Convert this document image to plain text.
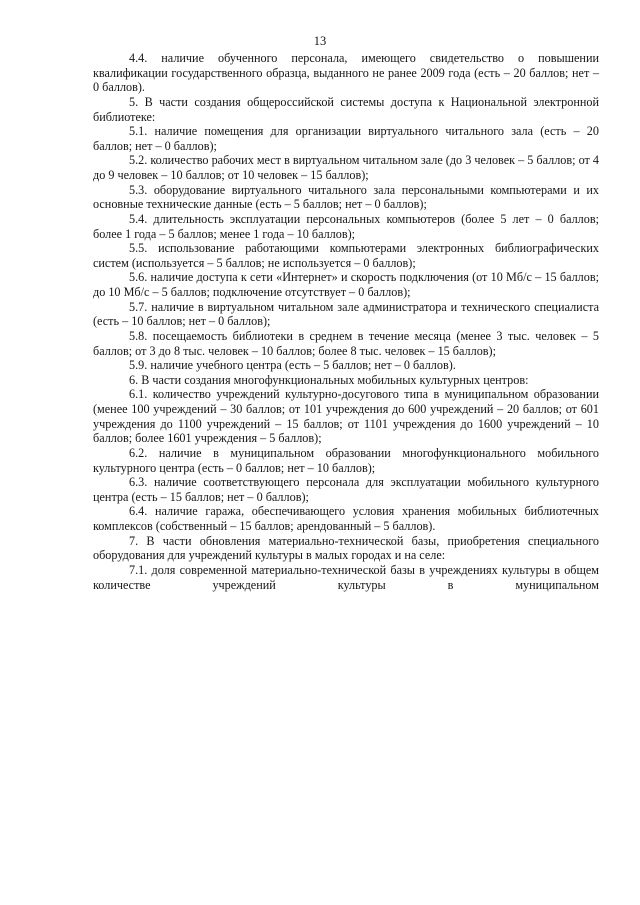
13

4.4. наличие обученного персонала, имеющего свидетельство о повышении квалификации государственного образца, выданного не ранее 2009 года (есть – 20 баллов; нет – 0 баллов).

5. В части создания общероссийской системы доступа к Национальной электронной библиотеке:

5.1. наличие помещения для организации виртуального читального зала (есть – 20 баллов; нет – 0 баллов);

5.2. количество рабочих мест в виртуальном читальном зале (до 3 человек – 5 баллов; от 4 до 9 человек – 10 баллов; от 10 человек – 15 баллов);

5.3. оборудование виртуального читального зала персональными компьютерами и их основные технические данные (есть – 5 баллов; нет – 0 баллов);

5.4. длительность эксплуатации персональных компьютеров (более 5 лет – 0 баллов; более 1 года – 5 баллов; менее 1 года – 10 баллов);

5.5. использование работающими компьютерами электронных библиографических систем (используется – 5 баллов; не используется – 0 баллов);

5.6. наличие доступа к сети «Интернет» и скорость подключения (от 10 Мб/с – 15 баллов; до 10 Мб/с – 5 баллов; подключение отсутствует – 0 баллов);

5.7. наличие в виртуальном читальном зале администратора и технического специалиста (есть – 10 баллов; нет – 0 баллов);

5.8. посещаемость библиотеки в среднем в течение месяца (менее 3 тыс. человек – 5 баллов; от 3 до 8 тыс. человек – 10 баллов; более 8 тыс. человек – 15 баллов);

5.9. наличие учебного центра (есть – 5 баллов; нет – 0 баллов).

6. В части создания многофункциональных мобильных культурных центров:

6.1. количество учреждений культурно-досугового типа в муниципальном образовании (менее 100 учреждений – 30 баллов; от 101 учреждения до 600 учреждений – 20 баллов; от 601 учреждения до 1100 учреждений – 15 баллов; от 1101 учреждения до 1600 учреждений – 10 баллов; более 1601 учреждения – 5 баллов);

6.2. наличие в муниципальном образовании многофункционального мобильного культурного центра (есть – 0 баллов; нет – 10 баллов);

6.3. наличие соответствующего персонала для эксплуатации мобильного культурного центра (есть – 15 баллов; нет – 0 баллов);

6.4. наличие гаража, обеспечивающего условия хранения мобильных библиотечных комплексов (собственный – 15 баллов; арендованный – 5 баллов).

7. В части обновления материально-технической базы, приобретения специального оборудования для учреждений культуры в малых городах и на селе:

7.1. доля современной материально-технической базы в учреждениях культуры в общем количестве учреждений культуры в муниципальном
